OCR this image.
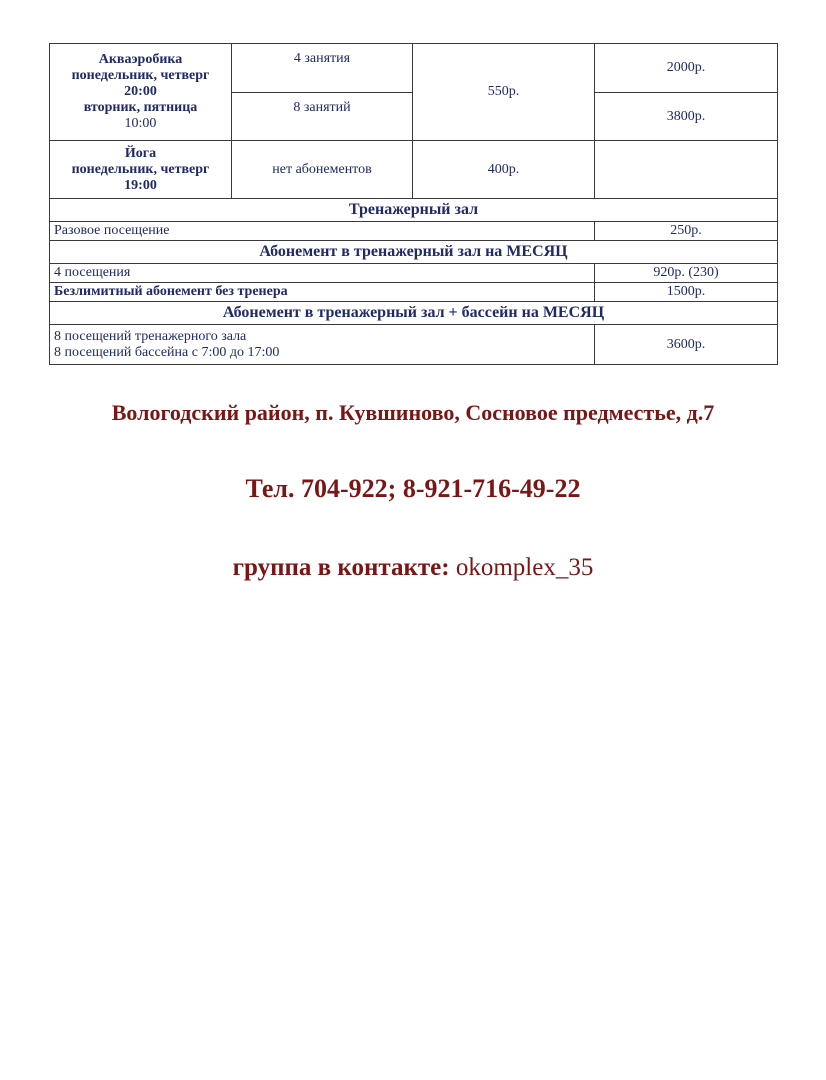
Акваэробика
понедельник, четверг
20:00
вторник, пятница
10:00	4 занятия	550р.	2000р.
	8 занятий		3800р.

Йога
понедельник, четверг
19:00	нет абонементов	400р.	
Тренажерный зал			
Разовое посещение			250р.
Абонемент в тренажерный зал на МЕСЯЦ			
4 посещения			920р. (230)
Безлимитный абонемент без тренера			1500р.
Абонемент в тренажерный зал + бассейн на МЕСЯЦ			

8 посещений тренажерного зала
8 посещений бассейна с 7:00 до 17:00			3600р.
Вологодский район, п. Кувшиново, Сосновое предместье, д.7
Тел. 704-922; 8-921-716-49-22
группа в контакте: okomplex_35
